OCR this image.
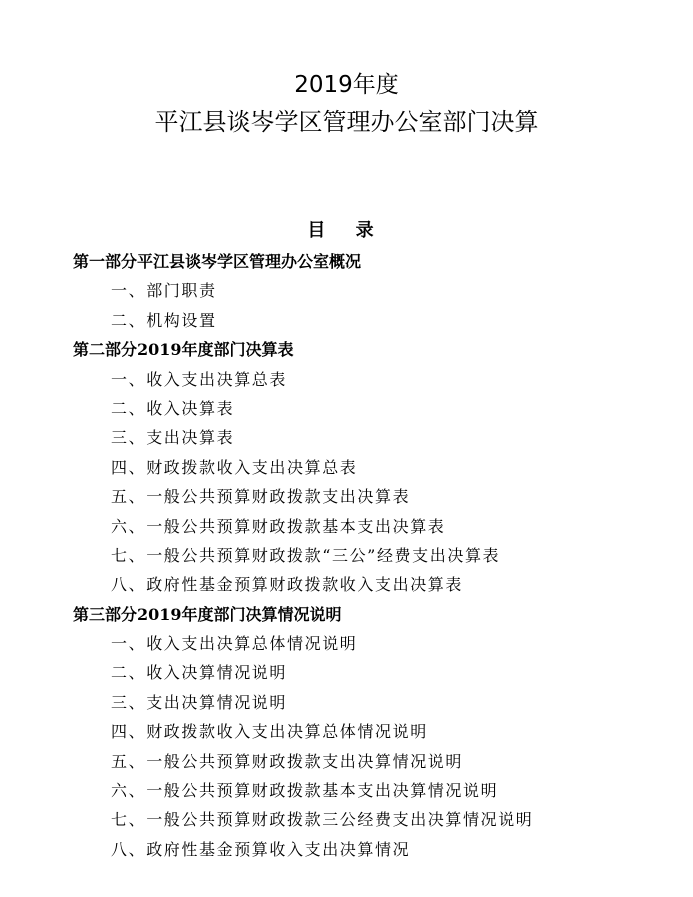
2019年度
平江县谈岑学区管理办公室部门决算
目 录
第一部分平江县谈岑学区管理办公室概况
一、部门职责
二、机构设置
第二部分2019年度部门决算表
一、收入支出决算总表
二、收入决算表
三、支出决算表
四、财政拨款收入支出决算总表
五、一般公共预算财政拨款支出决算表
六、一般公共预算财政拨款基本支出决算表
七、一般公共预算财政拨款“三公”经费支出决算表
八、政府性基金预算财政拨款收入支出决算表
第三部分2019年度部门决算情况说明
一、收入支出决算总体情况说明
二、收入决算情况说明
三、支出决算情况说明
四、财政拨款收入支出决算总体情况说明
五、一般公共预算财政拨款支出决算情况说明
六、一般公共预算财政拨款基本支出决算情况说明
七、一般公共预算财政拨款三公经费支出决算情况说明
八、政府性基金预算收入支出决算情况
